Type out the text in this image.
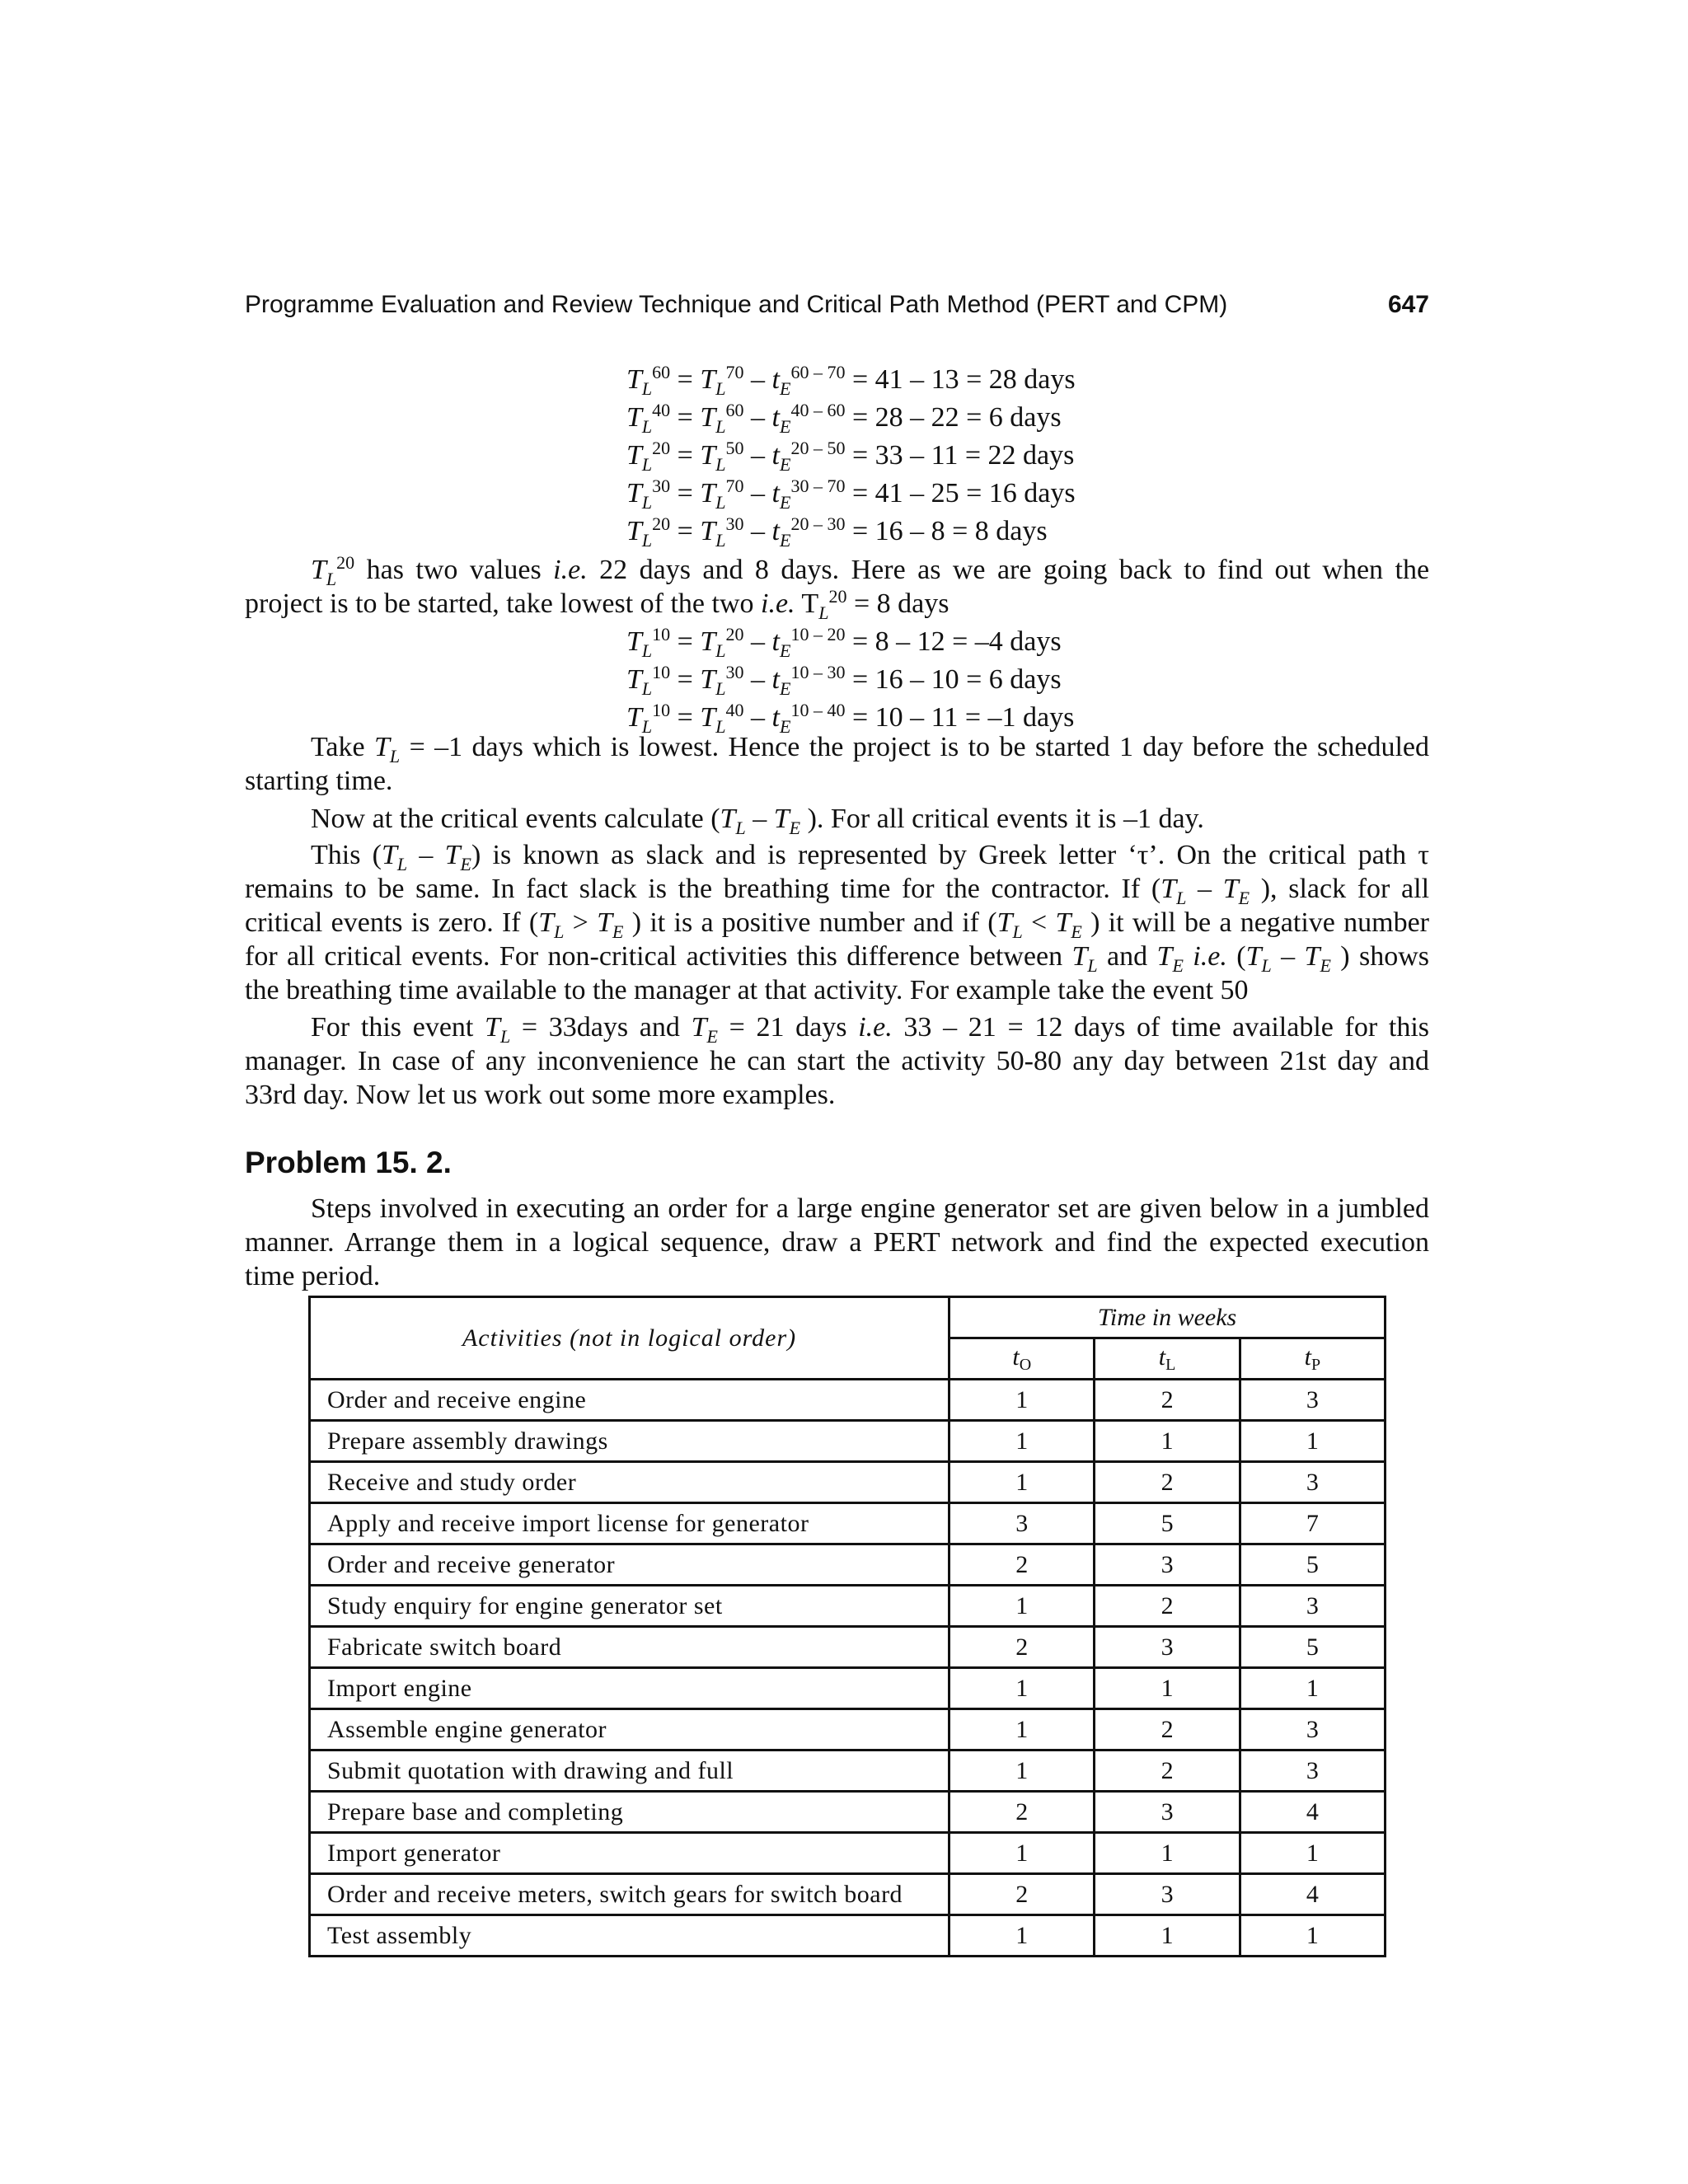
Programme Evaluation and Review Technique and Critical Path Method (PERT and CPM)	647
$T_L^{60} = T_L^{70} - t_E^{60 - 70} = 41 - 13 = 28$ days
$T_L^{40} = T_L^{60} - t_E^{40 - 60} = 28 - 22 = 6$ days
$T_L^{20} = T_L^{50} - t_E^{20 - 50} = 33 - 11 = 22$ days
$T_L^{30} = T_L^{70} - t_E^{30 - 70} = 41 - 25 = 16$ days
$T_L^{20} = T_L^{30} - t_E^{20 - 30} = 16 - 8 = 8$ days
$T_L^{20}$ has two values i.e. 22 days and 8 days. Here as we are going back to find out when the
project is to be started, take lowest of the two i.e. $T_L^{20} = 8$ days
$T_L^{10} = T_L^{20} - t_E^{10 - 20} = 8 - 12 = -4$ days
$T_L^{10} = T_L^{30} - t_E^{10 - 30} = 16 - 10 = 6$ days
$T_L^{10} = T_L^{40} - t_E^{10 - 40} = 10 - 11 = -1$ days
Take $T_L = -1$ days which is lowest. Hence the project is to be started 1 day before the scheduled
starting time.
Now at the critical events calculate ($T_L - T_E$ ). For all critical events it is –1 day.
This $(T_L - T_E)$ is known as slack and is represented by Greek letter ‘τ’. On the critical path τ
remains to be same. In fact slack is the breathing time for the contractor. If ($T_L - T_E$ ), slack for all
critical events is zero. If ($T_L > T_E$ ) it is a positive number and if ($T_L < T_E$ ) it will be a negative number
for all critical events. For non-critical activities this difference between $T_L$ and $T_E$ i.e. ($T_L - T_E$ ) shows
the breathing time available to the manager at that activity. For example take the event 50
For this event $T_L$ = 33days and $T_E = 21$ days i.e. 33 – 21 = 12 days of time available for this
manager. In case of any inconvenience he can start the activity 50-80 any day between 21st day and
33rd day. Now let us work out some more examples.
Problem 15. 2.
Steps involved in executing an order for a large engine generator set are given below in a jumbled
manner. Arrange them in a logical sequence, draw a PERT network and find the expected execution
time period.
Activities (not in logical order)	Time in weeks		
	$t_O$	$t_L$	$t_P$
Order and receive engine	1	2	3
Prepare assembly drawings	1	1	1
Receive and study order	1	2	3
Apply and receive import license for generator	3	5	7
Order and receive generator	2	3	5
Study enquiry for engine generator set	1	2	3
Fabricate switch board	2	3	5
Import engine	1	1	1
Assemble engine generator	1	2	3
Submit quotation with drawing and full	1	2	3
Prepare base and completing	2	3	4
Import generator	1	1	1
Order and receive meters, switch gears for switch board	2	3	4
Test assembly	1	1	1
